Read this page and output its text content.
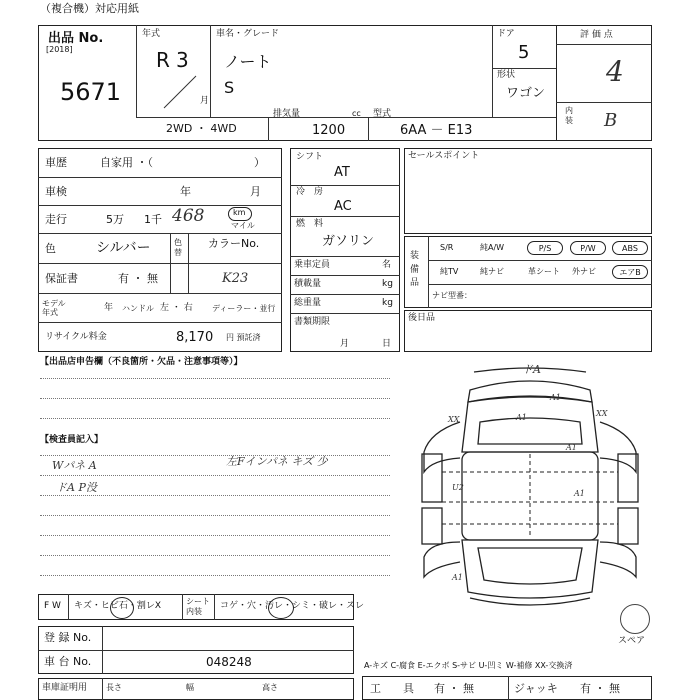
（複合機）対応用紙
出品 No.
[2018]
5671
年式
R 3
月
車名・グレード
ノート
S
ドア
5
形状
ワゴン
評 価 点
4
内装 B
2WD ・ 4WD
排気量	cc
1200
型式
6AA － E13
車歴	自家用 ・（	）
車検	年	月
走行	5万 1千 468	km
マイル
色	シルバー	色替
カラーNo.
K23
保証書	有 ・ 無
モデル年式	年 ハンドル 左 ・ 右 ディーラー・並行
リサイクル料金	8,170 円 預託済
シフト
AT
冷　房
AC
燃　料
ガソリン
乗車定員	名
積載量	kg
総重量	kg
書類期限
月	日
セールスポイント
装備品
S/R	純A/W	P/S	P/W	ABS
純TV	純ナビ	革シート 外ナビ	エアB
ナビ型番：
後日品
【出品店申告欄（不良箇所・欠品・注意事項等）】
【検査員記入】
Wパネ A
ドA P没
左Fインパネ キズ 少
ドA
XX	A1
A1
A1
U2
A1
XX
A1
スペア
F W キズ・ヒビ石・割レX	シート内装
コゲ・穴・汚レ・シミ・破レ・スレ
登 録 No.
車 台 No.	048248
車庫証明用 長さ	幅	高さ
A-キズ C-腐食 E-エクボ S-サビ U-凹ミ W-補修 XX-交換済
工　　具 有 ・ 無	ジャッキ 有 ・ 無
